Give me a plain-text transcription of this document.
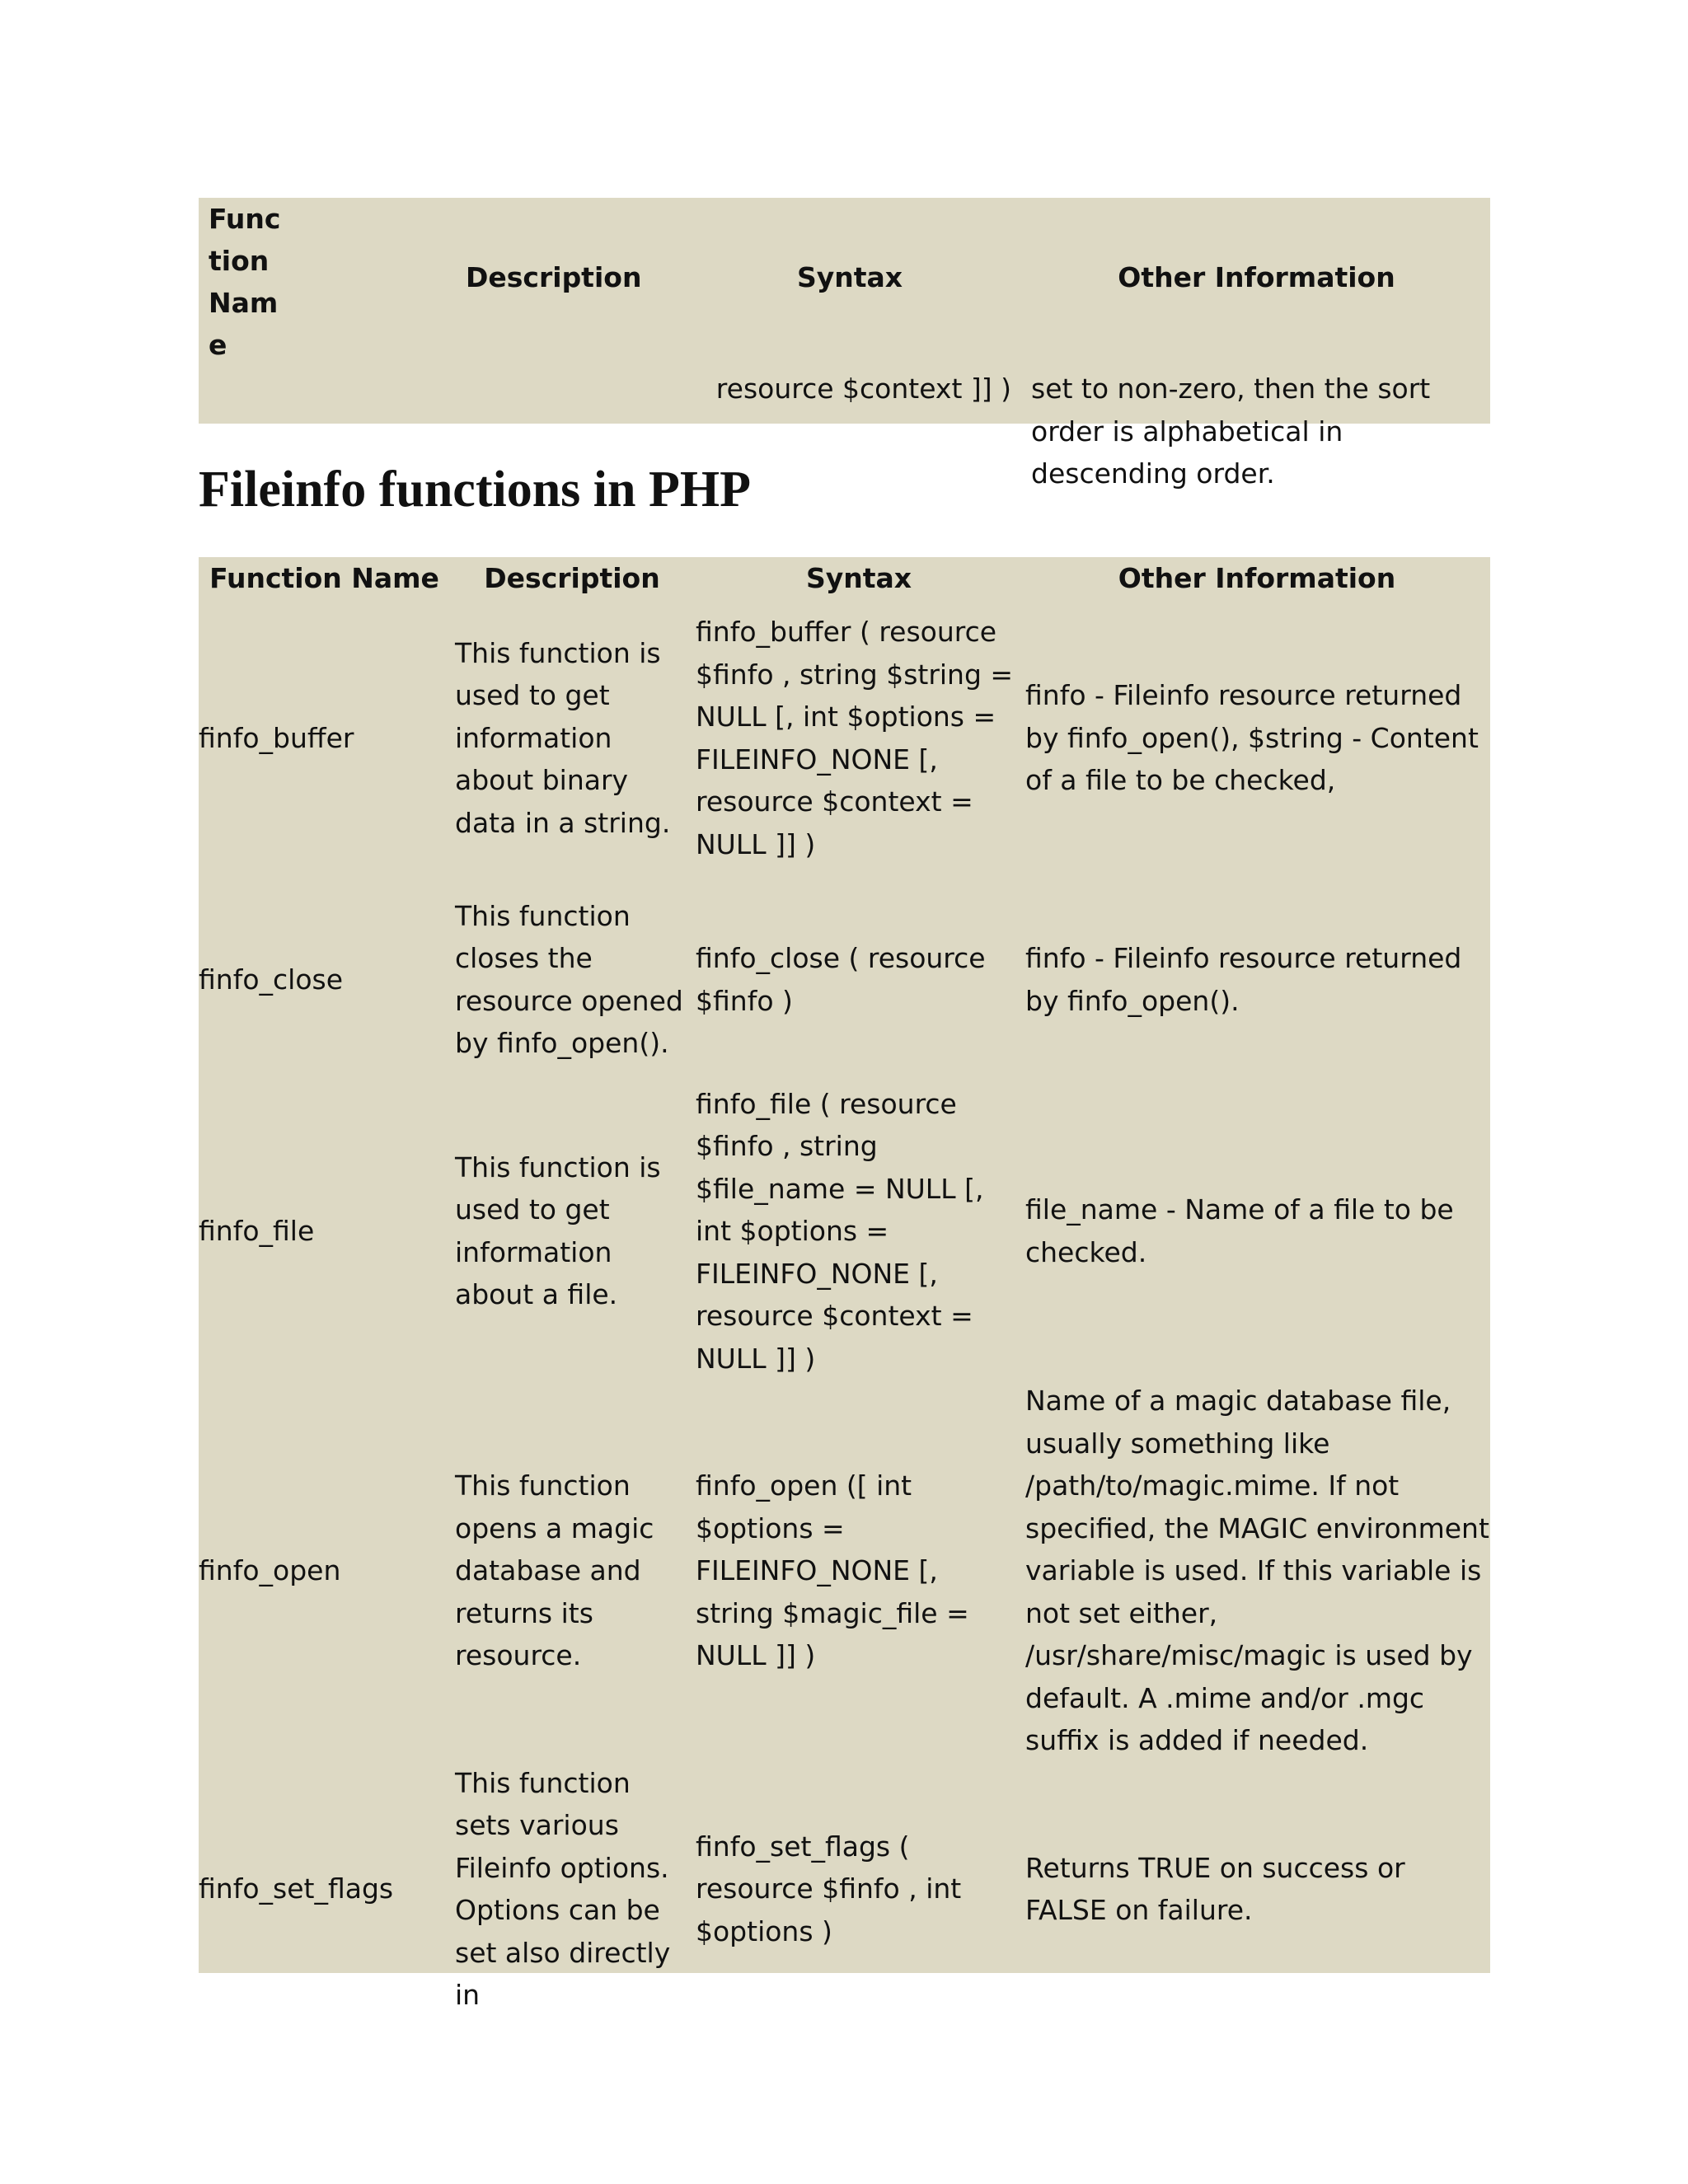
Function Name	Description	Syntax	Other Information
		resource $context ]] )	set to non-zero, then the sort order is alphabetical in descending order.
Fileinfo functions in PHP
Function Name	Description	Syntax	Other Information
finfo_buffer	This function is used to get information about binary data in a string.	finfo_buffer ( resource $finfo , string $string = NULL [, int $options = FILEINFO_NONE [, resource $context = NULL ]] )	finfo - Fileinfo resource returned by finfo_open(), $string - Content of a file to be checked,
finfo_close	This function closes the resource opened by finfo_open().	finfo_close ( resource $finfo )	finfo - Fileinfo resource returned by finfo_open().
finfo_file	This function is used to get information about a file.	finfo_file ( resource $finfo , string $file_name = NULL [, int $options = FILEINFO_NONE [, resource $context = NULL ]] )	file_name - Name of a file to be checked.
finfo_open	This function opens a magic database and returns its resource.	finfo_open ([ int $options = FILEINFO_NONE [, string $magic_file = NULL ]] )	Name of a magic database file, usually something like /path/to/magic.mime. If not specified, the MAGIC environment variable is used. If this variable is not set either, /usr/share/misc/magic is used by default. A .mime and/or .mgc suffix is added if needed.
finfo_set_flags	This function sets various Fileinfo options. Options can be set also directly in	finfo_set_flags ( resource $finfo , int $options )	Returns TRUE on success or FALSE on failure.
